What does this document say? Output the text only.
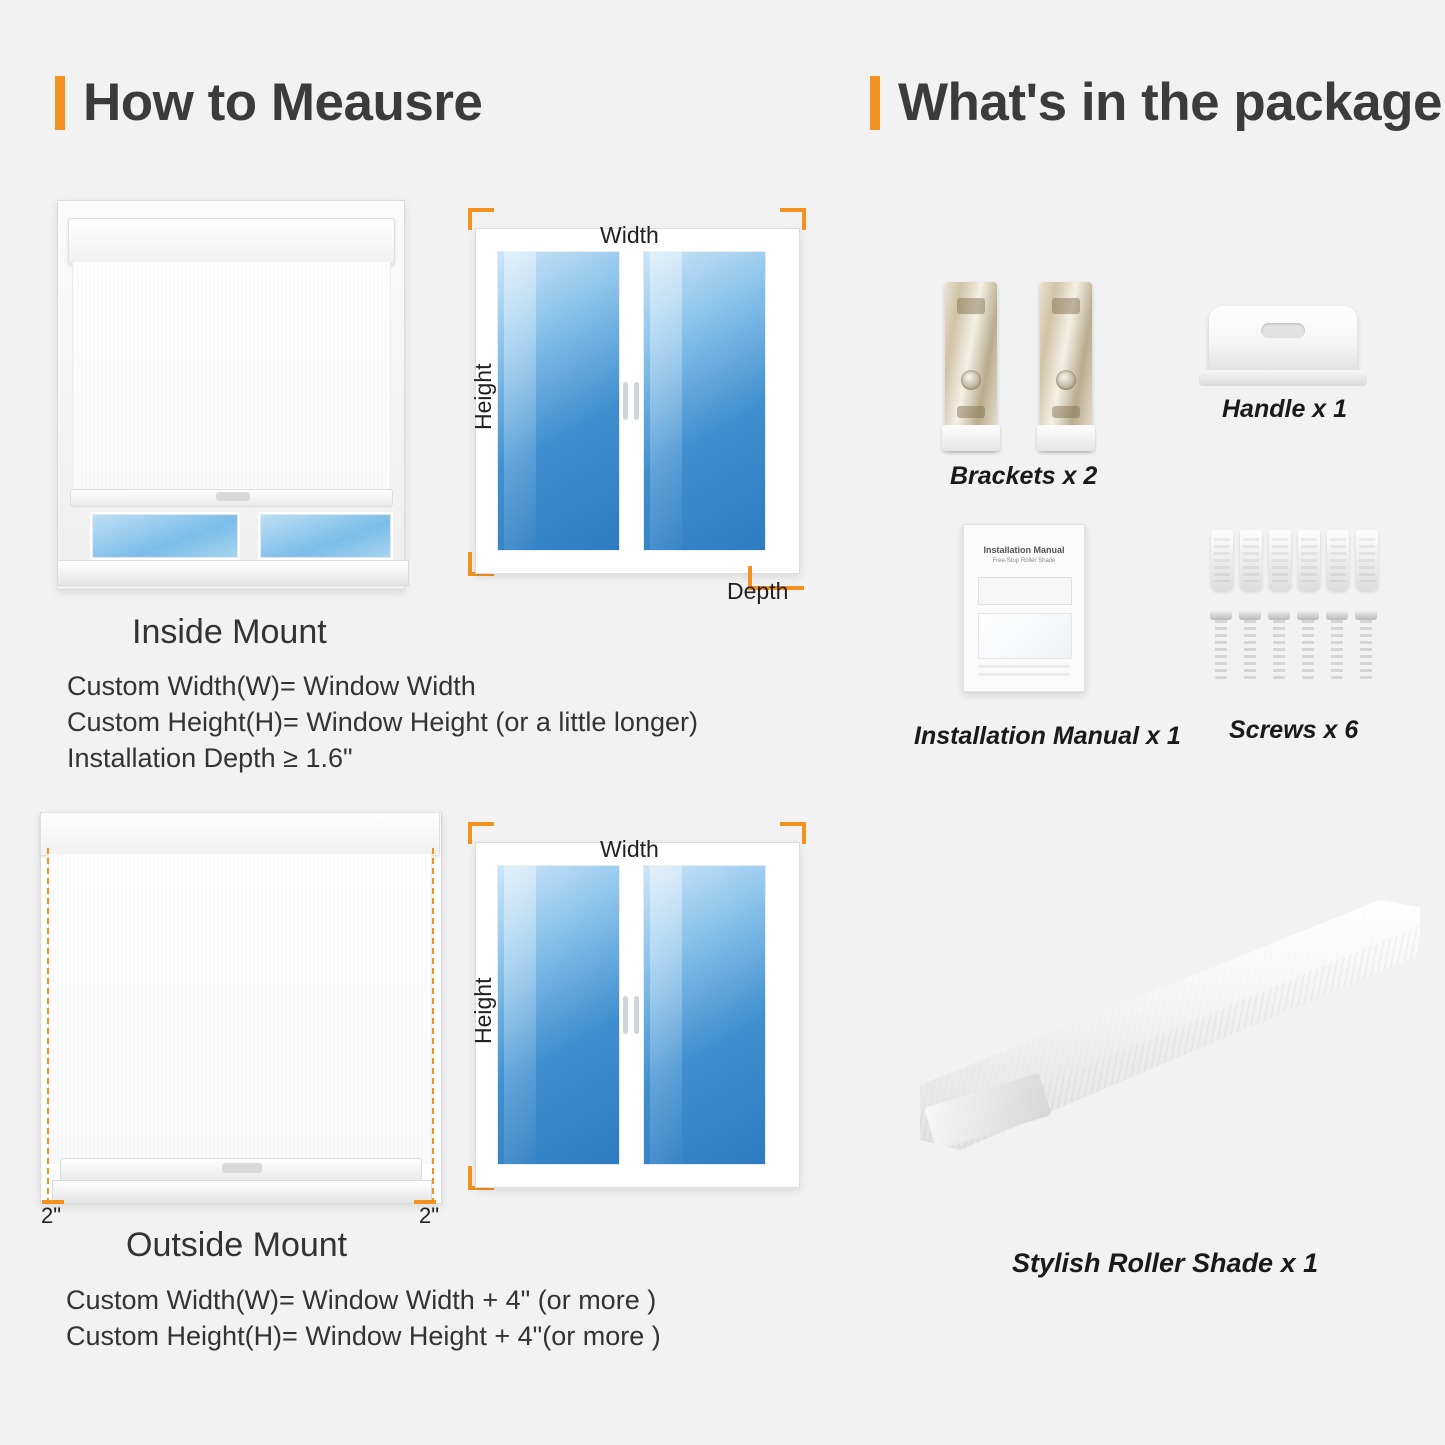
How to Meausre
Width
Height
Depth
Inside Mount
Custom Width(W)= Window Width
Custom Height(H)= Window Height (or a little longer)
Installation Depth ≥ 1.6"
2"	2"
Width
Height
Outside Mount
Custom Width(W)= Window Width + 4" (or more )
Custom Height(H)= Window Height + 4"(or more )
What's in the package
Brackets x 2
Handle x 1
Installation Manual
Free-Stop Roller Shade
Installation Manual x 1 Screws x 6
Stylish Roller Shade x 1
